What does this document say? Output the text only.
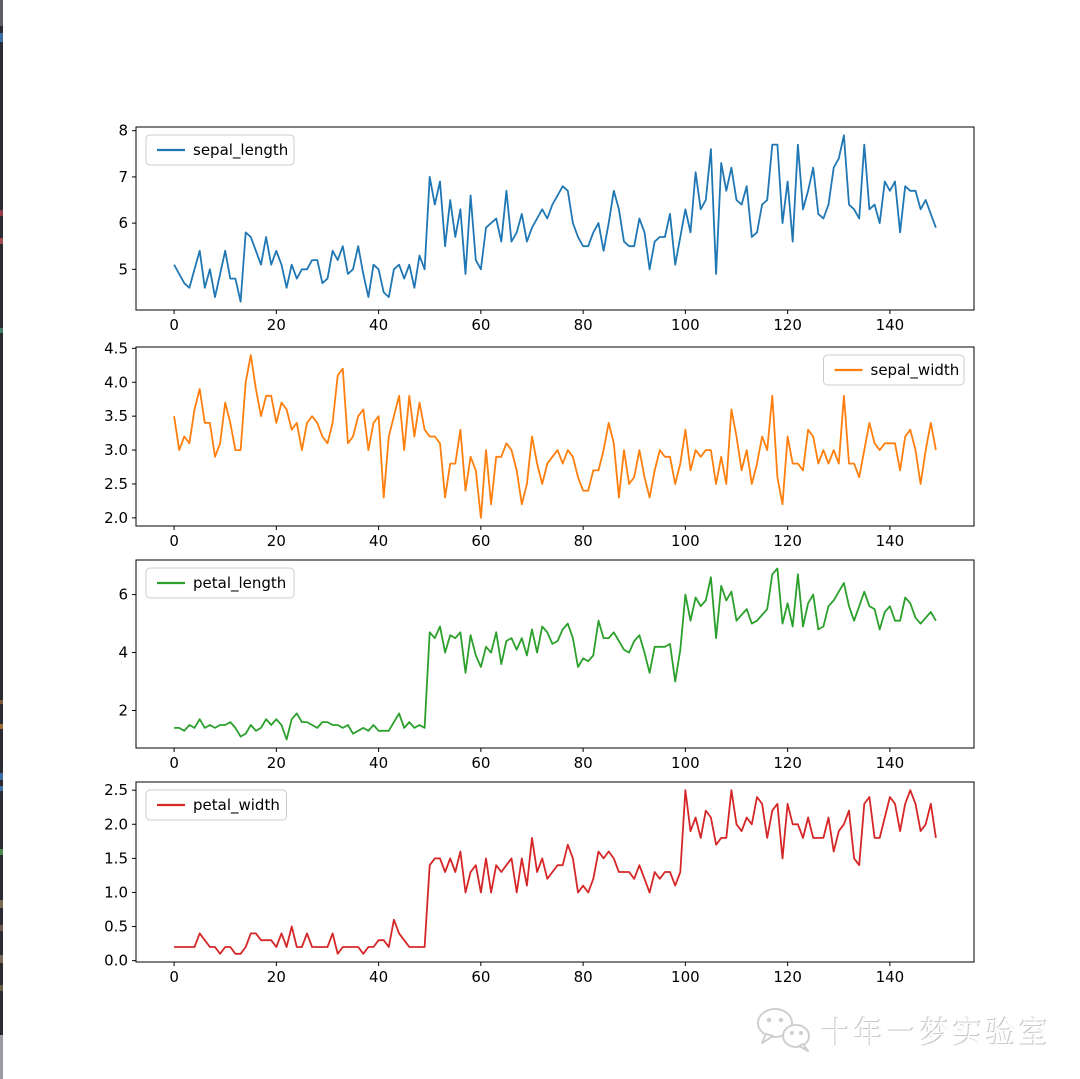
0	20	40	60	80	100	120	140
5
6
7
8
sepal_length
0	20	40	60	80	100	120	140
2.0
2.5
3.0
3.5
4.0
4.5
sepal_width
0	20	40	60	80	100	120	140
2
4
6
petal_length
0	20	40	60	80	100	120	140
0.0
0.5
1.0
1.5
2.0
2.5
petal_width
十年一梦实验室
